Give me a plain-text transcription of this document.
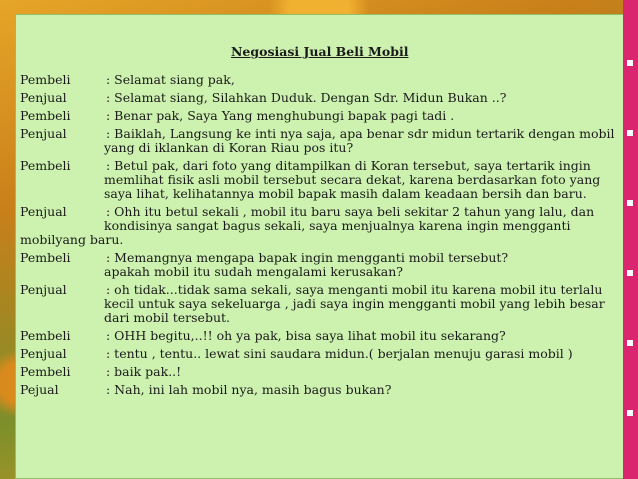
Negosiasi Jual Beli Mobil
Pembeli	: Selamat siang pak,
Penjual	: Selamat siang, Silahkan Duduk. Dengan Sdr. Midun Bukan ..?
Pembeli	: Benar pak, Saya Yang menghubungi bapak pagi tadi .
Penjual	: Baiklah, Langsung ke inti nya saja, apa benar sdr midun tertarik dengan mobil
yang di iklankan di Koran Riau pos itu?
Pembeli	: Betul pak, dari foto yang ditampilkan di Koran tersebut, saya tertarik ingin
memlihat fisik asli mobil tersebut secara dekat, karena berdasarkan foto yang
saya lihat, kelihatannya mobil bapak masih dalam keadaan bersih dan baru.
Penjual	: Ohh itu betul sekali , mobil itu baru saya beli sekitar 2 tahun yang lalu, dan
kondisinya sangat bagus sekali, saya menjualnya karena ingin mengganti
mobilyang baru.
Pembeli	: Memangnya mengapa bapak ingin mengganti mobil tersebut?
apakah mobil itu sudah mengalami kerusakan?
Penjual	: oh tidak...tidak sama sekali, saya menganti mobil itu karena mobil itu terlalu
kecil untuk saya sekeluarga , jadi saya ingin mengganti mobil yang lebih besar
dari mobil tersebut.
Pembeli	: OHH begitu,..!! oh ya pak, bisa saya lihat mobil itu sekarang?
Penjual	: tentu , tentu.. lewat sini saudara midun.( berjalan menuju garasi mobil )
Pembeli	: baik pak..!
Pejual	: Nah, ini lah mobil nya, masih bagus bukan?
